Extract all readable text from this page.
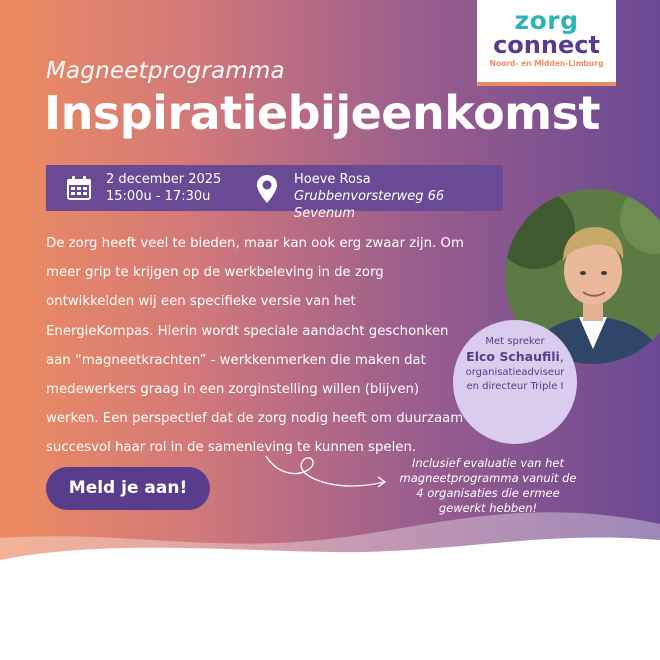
zorg
connect
Noord- en Midden-Limburg
Magneetprogramma
Inspiratiebijeenkomst
2 december 2025
15:00u - 17:30u
Hoeve Rosa
Grubbenvorsterweg 66 Sevenum
De zorg heeft veel te bieden, maar kan ook erg zwaar zijn. Om meer grip te krijgen op de werkbeleving in de zorg ontwikkelden wij een specifieke versie van het EnergieKompas. Hierin wordt speciale aandacht geschonken aan “magneetkrachten” - werkkenmerken die maken dat medewerkers graag in een zorginstelling willen (blijven) werken. Een perspectief dat de zorg nodig heeft om duurzaam succesvol haar rol in de samenleving te kunnen spelen.
Met spreker
Elco Schaufili,
organisatieadviseur en directeur Triple I
Meld je aan!
Inclusief evaluatie van het magneetprogramma vanuit de 4 organisaties die ermee gewerkt hebben!
